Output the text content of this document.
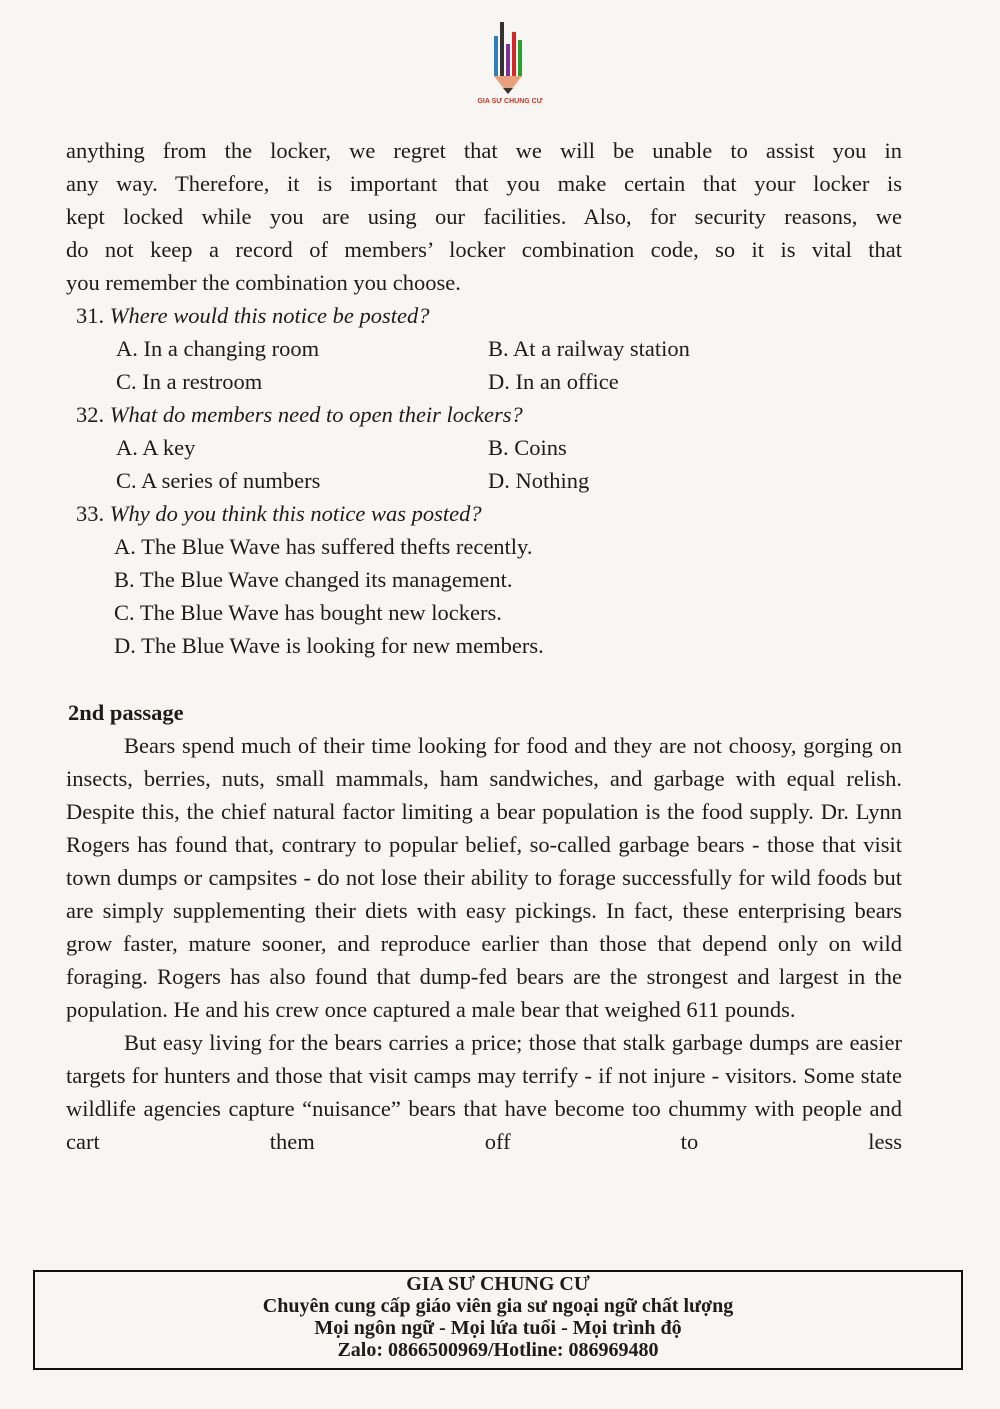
GIA SƯ CHUNG CƯ
anything from the locker, we regret that we will be unable to assist you in
any way. Therefore, it is important that you make certain that your locker is
kept locked while you are using our facilities. Also, for security reasons, we
do not keep a record of members’ locker combination code, so it is vital that
you remember the combination you choose.
31. Where would this notice be posted?
A. In a changing room	B. At a railway station
C. In a restroom	D. In an office
32. What do members need to open their lockers?
A. A key	B. Coins
C. A series of numbers	D. Nothing
33. Why do you think this notice was posted?
A. The Blue Wave has suffered thefts recently.
B. The Blue Wave changed its management.
C. The Blue Wave has bought new lockers.
D. The Blue Wave is looking for new members.
2nd passage
Bears spend much of their time looking for food and they are not choosy, gorging on insects, berries, nuts, small mammals, ham sandwiches, and garbage with equal relish. Despite this, the chief natural factor limiting a bear population is the food supply. Dr. Lynn Rogers has found that, contrary to popular belief, so-called garbage bears - those that visit town dumps or campsites - do not lose their ability to forage successfully for wild foods but are simply supplementing their diets with easy pickings. In fact, these enterprising bears grow faster, mature sooner, and reproduce earlier than those that depend only on wild foraging. Rogers has also found that dump-fed bears are the strongest and largest in the population. He and his crew once captured a male bear that weighed 611 pounds.
But easy living for the bears carries a price; those that stalk garbage dumps are easier targets for hunters and those that visit camps may terrify - if not injure - visitors. Some state wildlife agencies capture “nuisance” bears that have become too chummy with people and cart them off to less
GIA SƯ CHUNG CƯ
Chuyên cung cấp giáo viên gia sư ngoại ngữ chất lượng
Mọi ngôn ngữ - Mọi lứa tuổi - Mọi trình độ
Zalo: 0866500969/Hotline: 086969480
